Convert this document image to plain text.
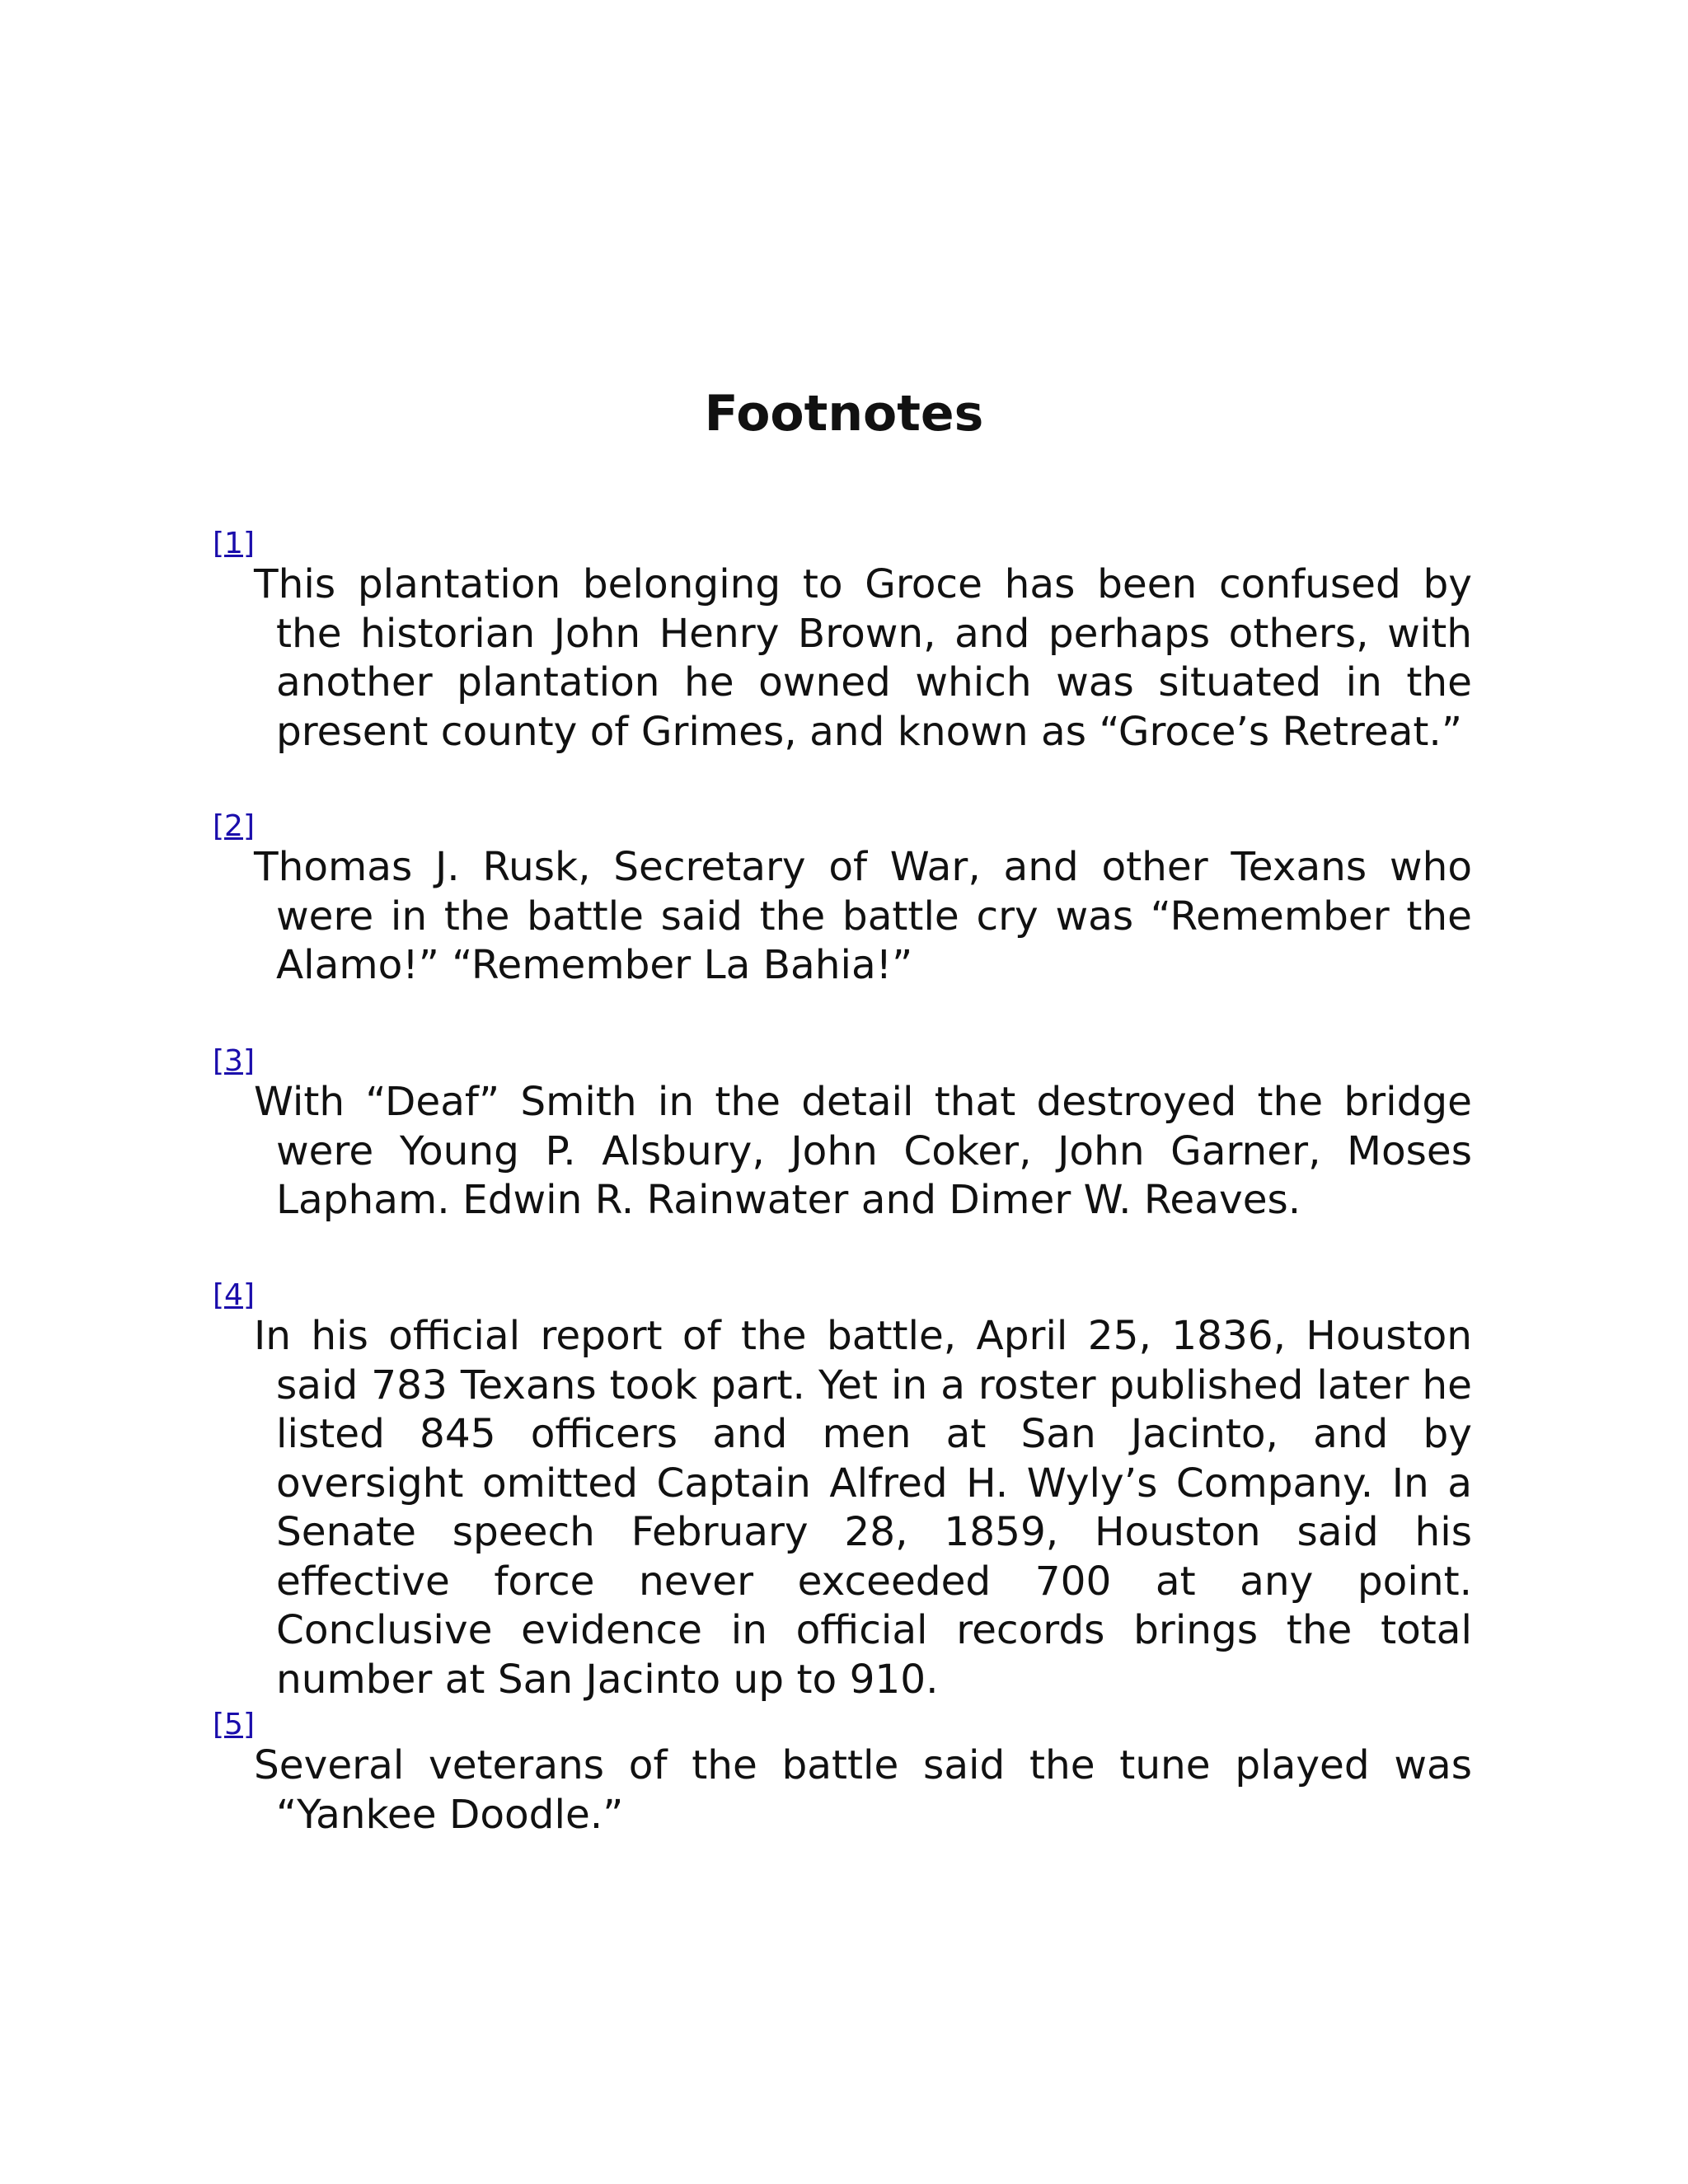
Footnotes
[1]

This plantation belonging to Groce has been confused by the historian John Henry Brown, and perhaps others, with another plantation he owned which was situated in the present county of Grimes, and known as “Groce’s Retreat.”

[2]

Thomas J. Rusk, Secretary of War, and other Texans who were in the battle said the battle cry was “Remember the Alamo!” “Remember La Bahia!”

[3]

With “Deaf” Smith in the detail that destroyed the bridge were Young P. Alsbury, John Coker, John Garner, Moses Lapham. Edwin R. Rainwater and Dimer W. Reaves.

[4]

In his official report of the battle, April 25, 1836, Houston said 783 Texans took part. Yet in a roster published later he listed 845 officers and men at San Jacinto, and by oversight omitted Captain Alfred H. Wyly’s Company. In a Senate speech February 28, 1859, Houston said his effective force never exceeded 700 at any point. Conclusive evidence in official records brings the total number at San Jacinto up to 910.

[5]

Several veterans of the battle said the tune played was “Yankee Doodle.”
